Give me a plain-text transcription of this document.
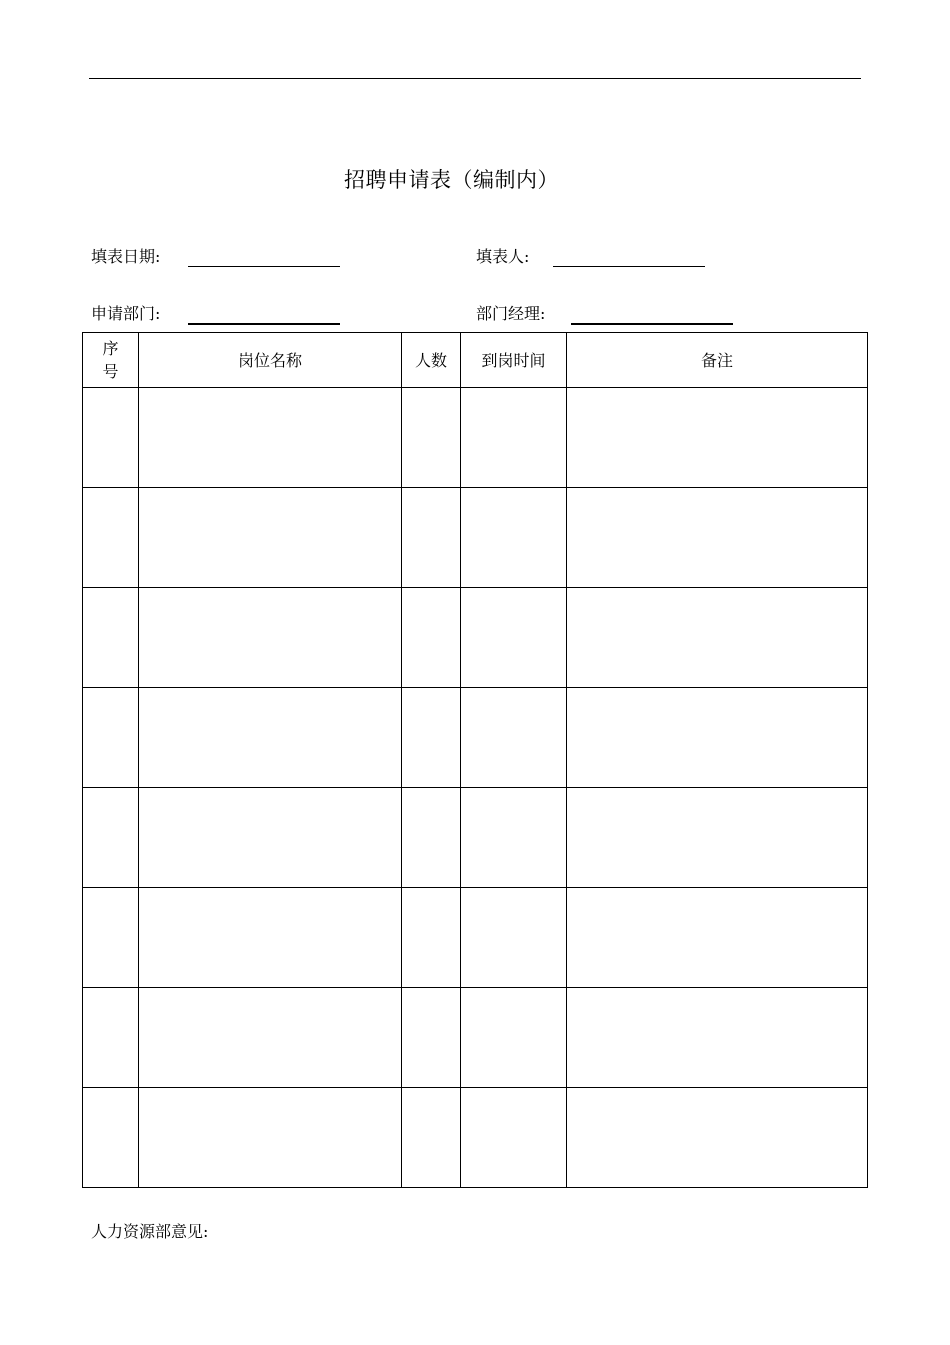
招聘申请表（编制内）
填表日期:	填表人:
申请部门:	部门经理:
序
号	岗位名称	人数	到岗时间	备注

人力资源部意见:
